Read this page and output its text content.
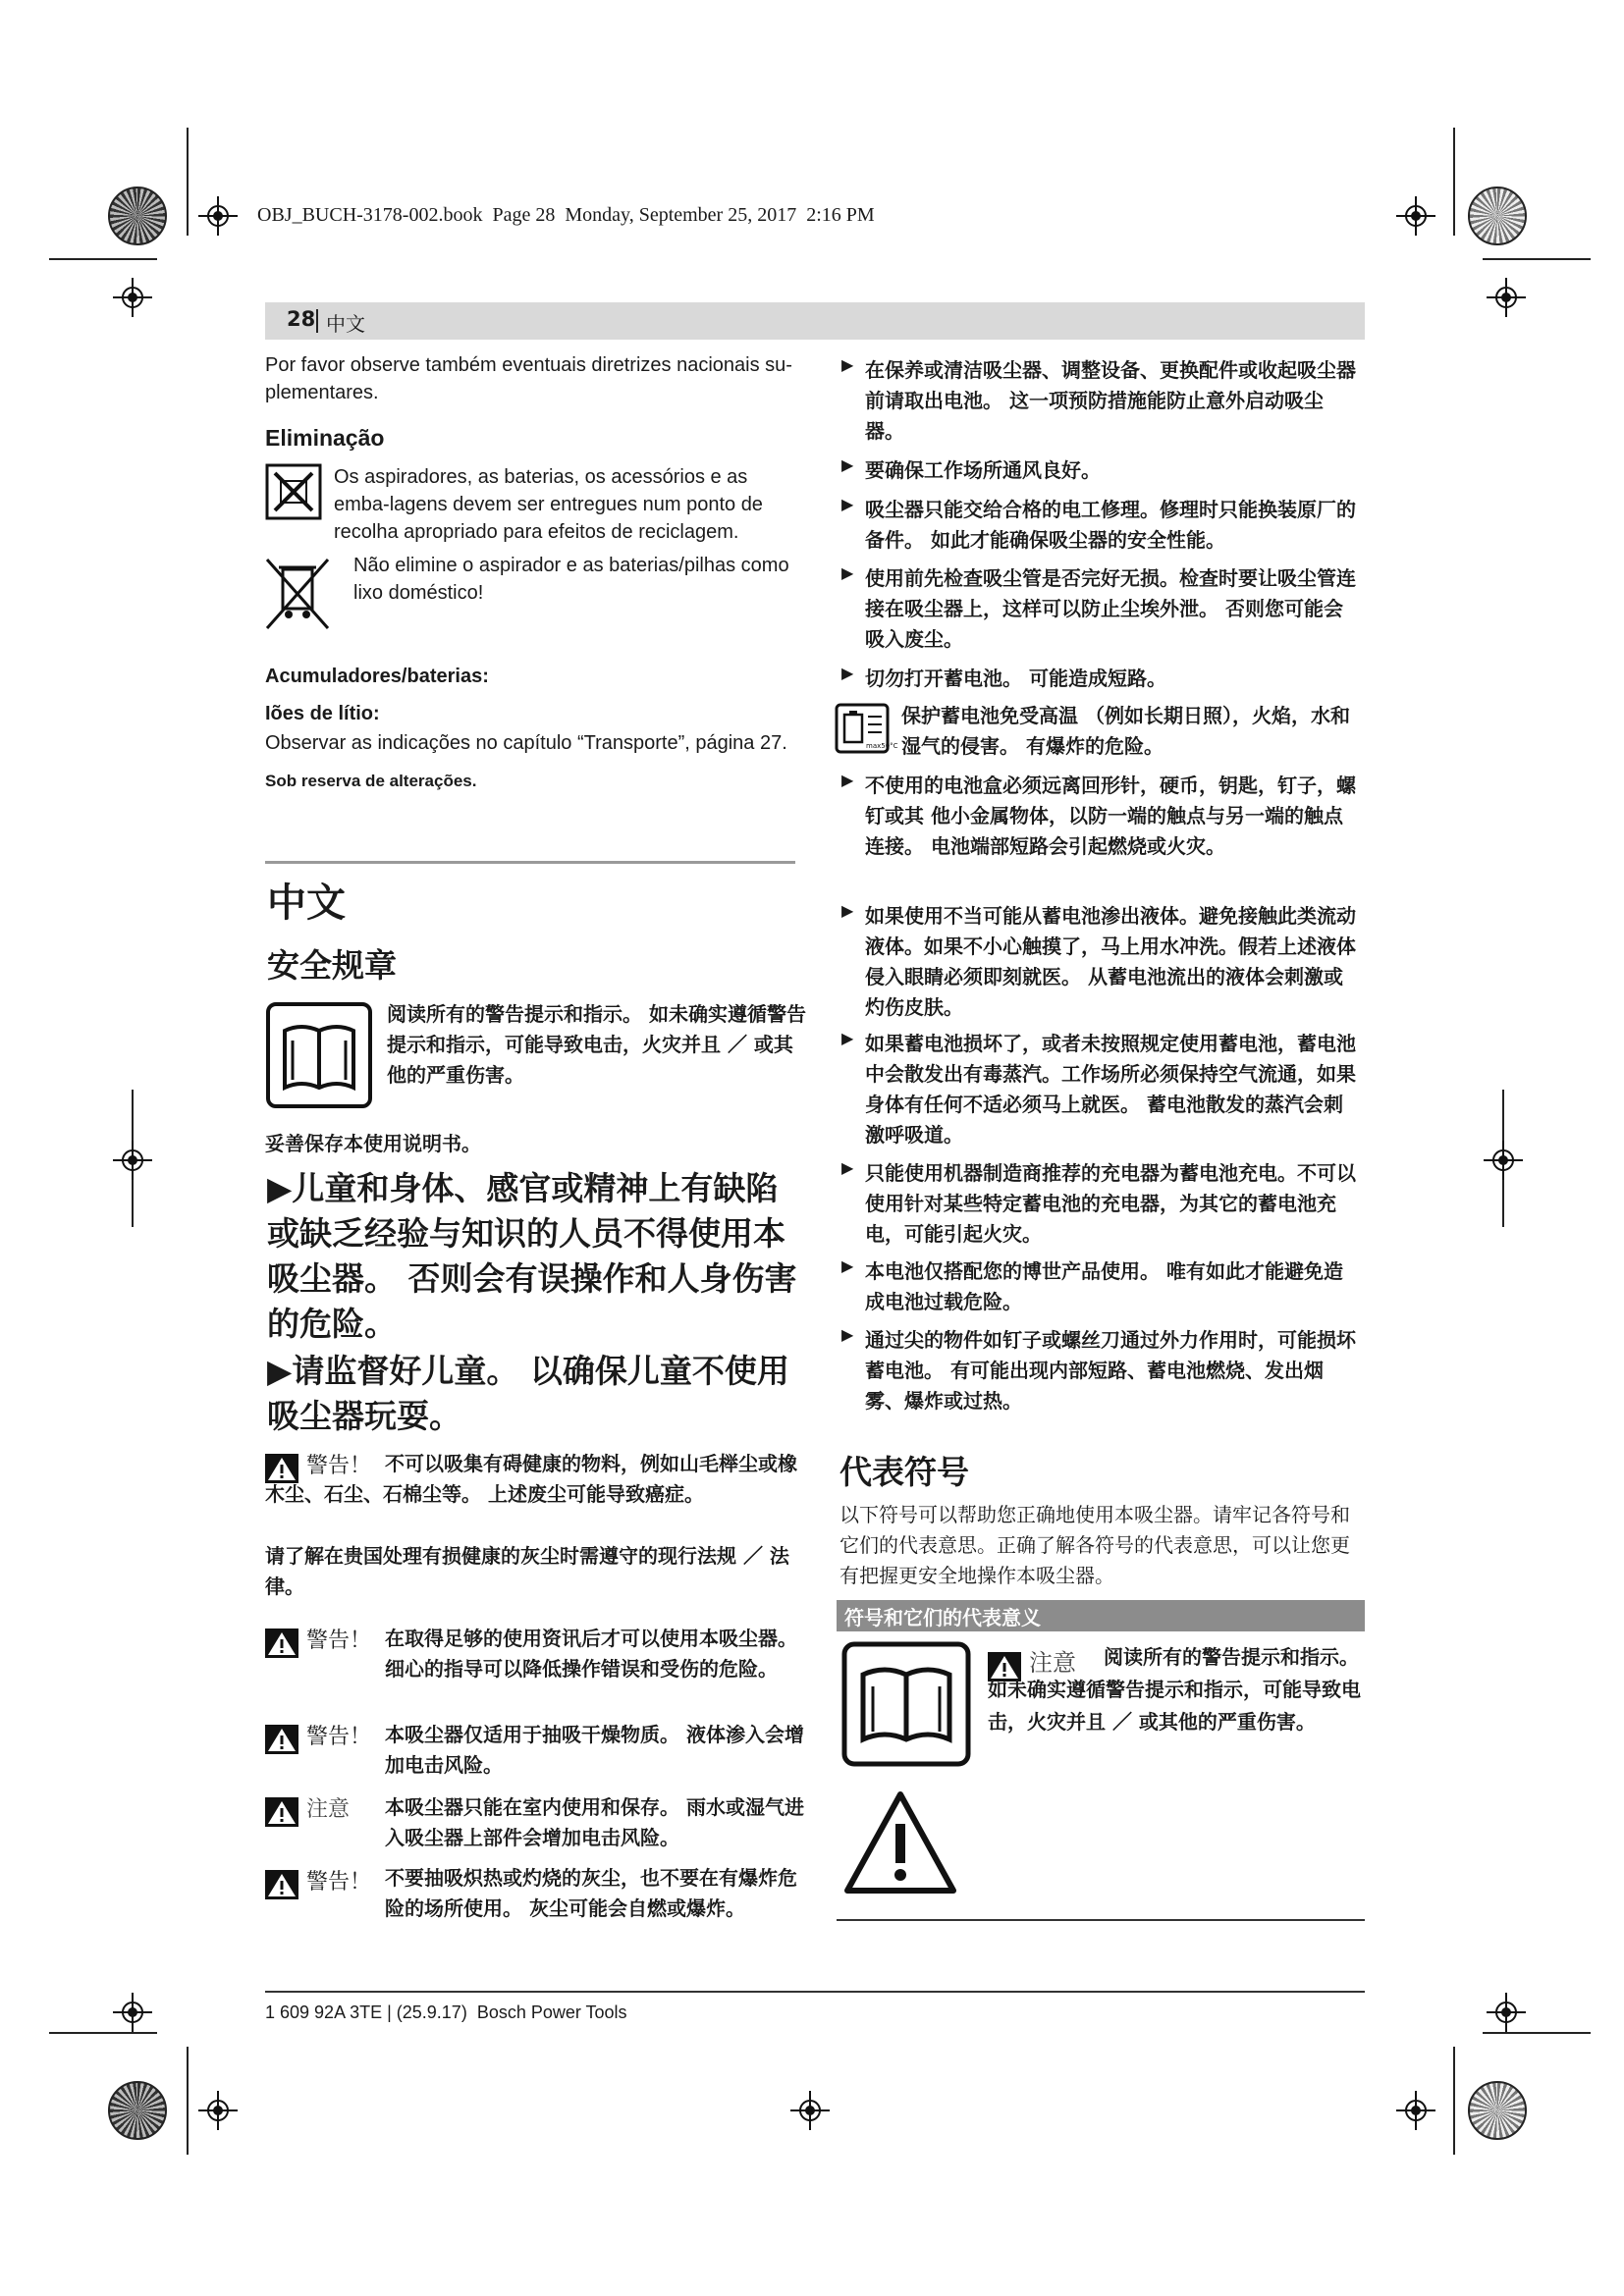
OBJ_BUCH-3178-002.book  Page 28  Monday, September 25, 2017  2:16 PM
28 中文
Por favor observe também eventuais diretrizes nacionais su-plementares.
Eliminação
Os aspiradores, as baterias, os acessórios e as emba-lagens devem ser entregues num ponto de recolha apropriado para efeitos de reciclagem.
Não elimine o aspirador e as baterias/pilhas como lixo doméstico!
Acumuladores/baterias:
Iões de lítio:
Observar as indicações no capítulo “Transporte”, página 27.
Sob reserva de alterações.
中文
安全规章
阅读所有的警告提示和指示。 如未确实遵循警告提示和指示，可能导致电击，火灾并且 ／ 或其他的严重伤害。
妥善保存本使用说明书。
▶儿童和身体、感官或精神上有缺陷或缺乏经验与知识的人员不得使用本吸尘器。 否则会有误操作和人身伤害的危险。
▶请监督好儿童。 以确保儿童不使用吸尘器玩耍。
警告！ 不可以吸集有碍健康的物料，例如山毛榉尘或橡木尘、石尘、石棉尘等。 上述废尘可能导致癌症。
请了解在贵国处理有损健康的灰尘时需遵守的现行法规 ／ 法律。
警告！ 在取得足够的使用资讯后才可以使用本吸尘器。 细心的指导可以降低操作错误和受伤的危险。
警告！ 本吸尘器仅适用于抽吸干燥物质。 液体渗入会增加电击风险。
注意 本吸尘器只能在室内使用和保存。 雨水或湿气进入吸尘器上部件会增加电击风险。
警告！ 不要抽吸炽热或灼烧的灰尘，也不要在有爆炸危险的场所使用。 灰尘可能会自燃或爆炸。
▶ 在保养或清洁吸尘器、调整设备、更换配件或收起吸尘器前请取出电池。 这一项预防措施能防止意外启动吸尘器。
▶ 要确保工作场所通风良好。
▶ 吸尘器只能交给合格的电工修理。修理时只能换装原厂的备件。 如此才能确保吸尘器的安全性能。
▶ 使用前先检查吸尘管是否完好无损。检查时要让吸尘管连接在吸尘器上，这样可以防止尘埃外泄。 否则您可能会吸入废尘。
▶ 切勿打开蓄电池。 可能造成短路。
max50°C
保护蓄电池免受高温 （例如长期日照），火焰，水和湿气的侵害。 有爆炸的危险。
▶ 不使用的电池盒必须远离回形针，硬币，钥匙，钉子，螺钉或其 他小金属物体，以防一端的触点与另一端的触点连接。 电池端部短路会引起燃烧或火灾。
▶ 如果使用不当可能从蓄电池渗出液体。避免接触此类流动液体。如果不小心触摸了，马上用水冲洗。假若上述液体侵入眼睛必须即刻就医。 从蓄电池流出的液体会刺激或灼伤皮肤。
▶ 如果蓄电池损坏了，或者未按照规定使用蓄电池，蓄电池中会散发出有毒蒸汽。工作场所必须保持空气流通，如果身体有任何不适必须马上就医。 蓄电池散发的蒸汽会刺激呼吸道。
▶ 只能使用机器制造商推荐的充电器为蓄电池充电。不可以使用针对某些特定蓄电池的充电器，为其它的蓄电池充电，可能引起火灾。
▶ 本电池仅搭配您的博世产品使用。 唯有如此才能避免造成电池过载危险。
▶ 通过尖的物件如钉子或螺丝刀通过外力作用时，可能损坏蓄电池。 有可能出现内部短路、蓄电池燃烧、发出烟雾、爆炸或过热。
代表符号
以下符号可以帮助您正确地使用本吸尘器。请牢记各符号和它们的代表意思。正确了解各符号的代表意思，可以让您更有把握更安全地操作本吸尘器。
符号和它们的代表意义
注意	阅读所有的警告提示和指示。 如未确实遵循警告提示和指示，可能导致电击，火灾并且 ／ 或其他的严重伤害。
1 609 92A 3TE | (25.9.17)  Bosch Power Tools
